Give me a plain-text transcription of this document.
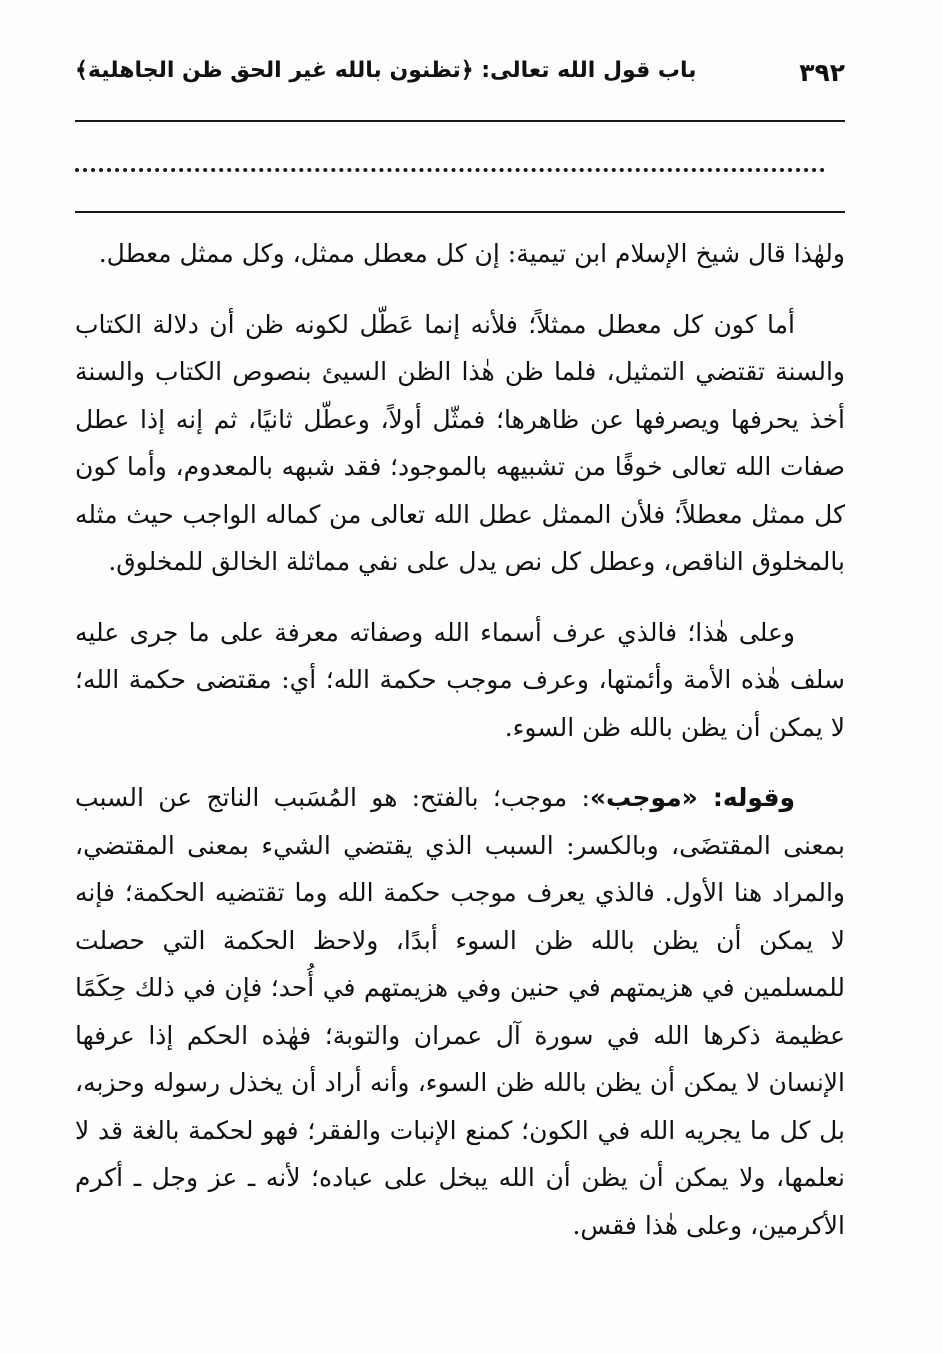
٣٩٢
باب قول الله تعالى: ﴿تظنون بالله غير الحق ظن الجاهلية﴾

ولهٰذا قال شيخ الإسلام ابن تيمية: إن كل معطل ممثل، وكل ممثل معطل.

أما كون كل معطل ممثلاً؛ فلأنه إنما عَطّل لكونه ظن أن دلالة الكتاب والسنة تقتضي التمثيل، فلما ظن هٰذا الظن السيئ بنصوص الكتاب والسنة أخذ يحرفها ويصرفها عن ظاهرها؛ فمثّل أولاً، وعطّل ثانيًا، ثم إنه إذا عطل صفات الله تعالى خوفًا من تشبيهه بالموجود؛ فقد شبهه بالمعدوم، وأما كون كل ممثل معطلاً؛ فلأن الممثل عطل الله تعالى من كماله الواجب حيث مثله بالمخلوق الناقص، وعطل كل نص يدل على نفي مماثلة الخالق للمخلوق.

وعلى هٰذا؛ فالذي عرف أسماء الله وصفاته معرفة على ما جرى عليه سلف هٰذه الأمة وأئمتها، وعرف موجب حكمة الله؛ أي: مقتضى حكمة الله؛ لا يمكن أن يظن بالله ظن السوء.

وقوله: «موجب»: موجب؛ بالفتح: هو المُسَبب الناتج عن السبب بمعنى المقتضَى، وبالكسر: السبب الذي يقتضي الشيء بمعنى المقتضي، والمراد هنا الأول. فالذي يعرف موجب حكمة الله وما تقتضيه الحكمة؛ فإنه لا يمكن أن يظن بالله ظن السوء أبدًا، ولاحظ الحكمة التي حصلت للمسلمين في هزيمتهم في حنين وفي هزيمتهم في أُحد؛ فإن في ذلك حِكَمًا عظيمة ذكرها الله في سورة آل عمران والتوبة؛ فهٰذه الحكم إذا عرفها الإنسان لا يمكن أن يظن بالله ظن السوء، وأنه أراد أن يخذل رسوله وحزبه، بل كل ما يجريه الله في الكون؛ كمنع الإنبات والفقر؛ فهو لحكمة بالغة قد لا نعلمها، ولا يمكن أن يظن أن الله يبخل على عباده؛ لأنه ـ عز وجل ـ أكرم الأكرمين، وعلى هٰذا فقس.
